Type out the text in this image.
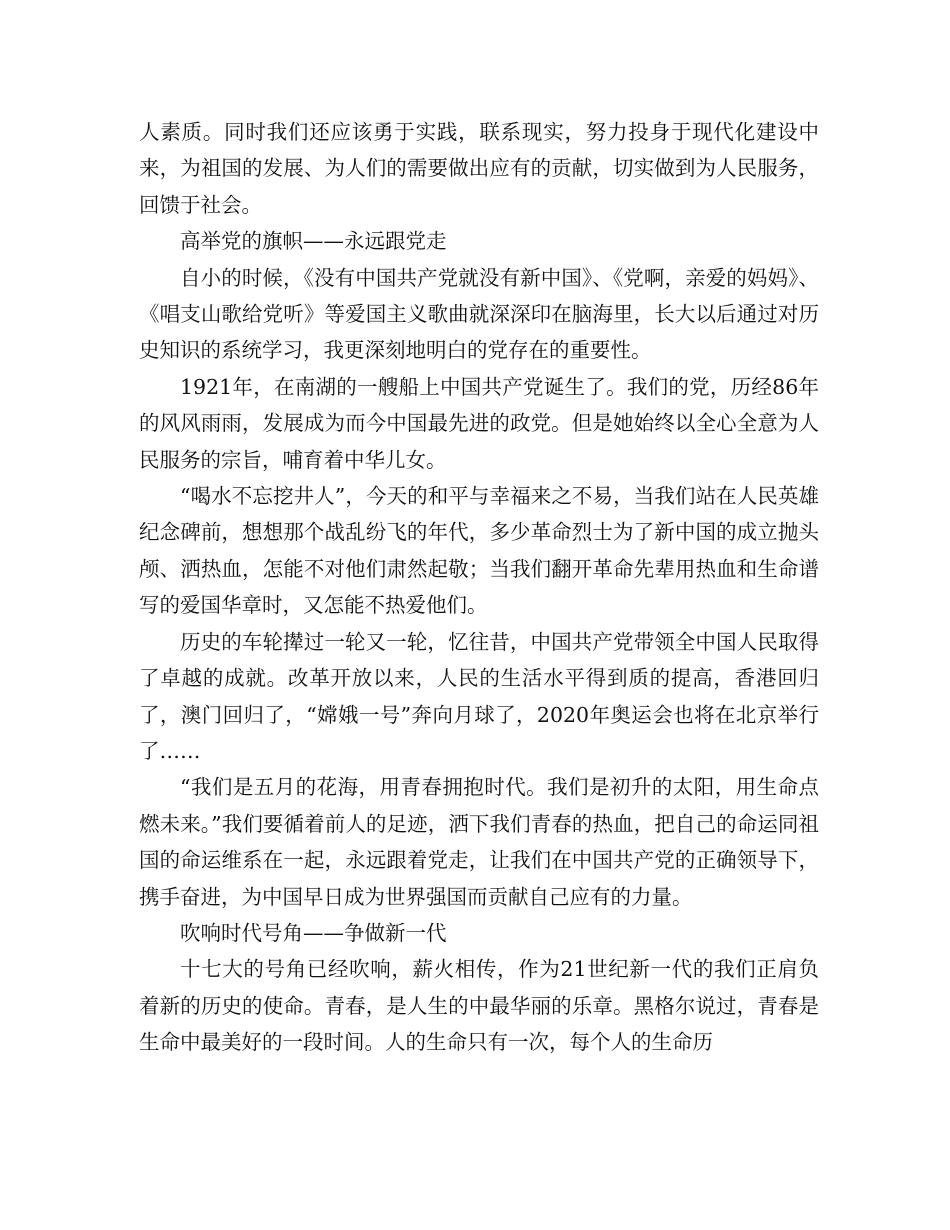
人素质。同时我们还应该勇于实践，联系现实，努力投身于现代化建设中来，为祖国的发展、为人们的需要做出应有的贡献，切实做到为人民服务，回馈于社会。

高举党的旗帜——永远跟党走

自小的时候，《没有中国共产党就没有新中国》、《党啊，亲爱的妈妈》、《唱支山歌给党听》等爱国主义歌曲就深深印在脑海里，长大以后通过对历史知识的系统学习，我更深刻地明白的党存在的重要性。

1921年，在南湖的一艘船上中国共产党诞生了。我们的党，历经86年的风风雨雨，发展成为而今中国最先进的政党。但是她始终以全心全意为人民服务的宗旨，哺育着中华儿女。

“喝水不忘挖井人”，今天的和平与幸福来之不易，当我们站在人民英雄纪念碑前，想想那个战乱纷飞的年代，多少革命烈士为了新中国的成立抛头颅、洒热血，怎能不对他们肃然起敬；当我们翻开革命先辈用热血和生命谱写的爱国华章时，又怎能不热爱他们。

历史的车轮撵过一轮又一轮，忆往昔，中国共产党带领全中国人民取得了卓越的成就。改革开放以来，人民的生活水平得到质的提高，香港回归了，澳门回归了，“嫦娥一号”奔向月球了，2020年奥运会也将在北京举行了……

“我们是五月的花海，用青春拥抱时代。我们是初升的太阳，用生命点燃未来。”我们要循着前人的足迹，洒下我们青春的热血，把自己的命运同祖国的命运维系在一起，永远跟着党走，让我们在中国共产党的正确领导下，携手奋进，为中国早日成为世界强国而贡献自己应有的力量。

吹响时代号角——争做新一代

十七大的号角已经吹响，薪火相传，作为21世纪新一代的我们正肩负着新的历史的使命。青春，是人生的中最华丽的乐章。黑格尔说过，青春是生命中最美好的一段时间。人的生命只有一次，每个人的生命历
